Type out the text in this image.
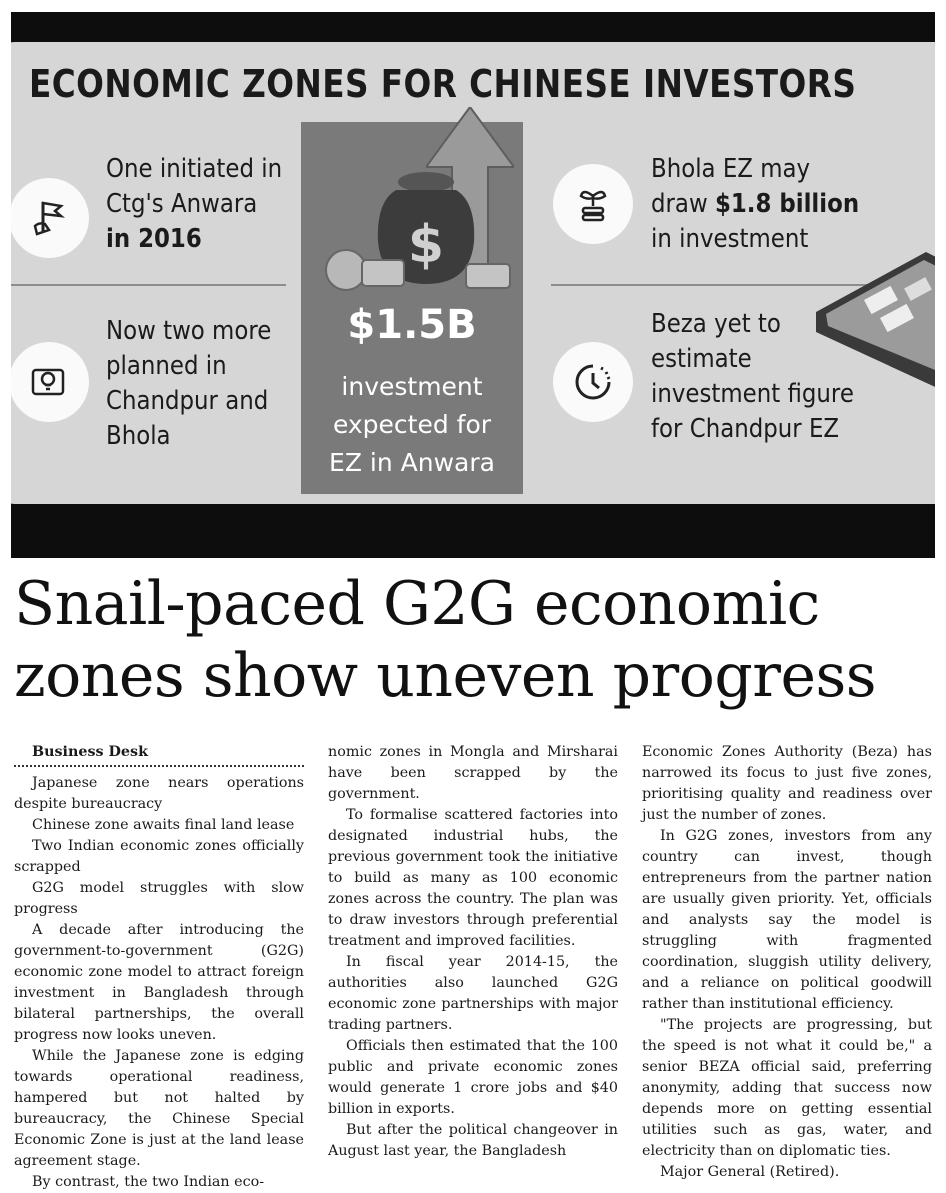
ECONOMIC ZONES FOR CHINESE INVESTORS
One initiated in
Ctg's Anwara
in 2016
Now two more
planned in
Chandpur and
Bhola
$
$1.5B
investment
expected for
EZ in Anwara
Bhola EZ may
draw $1.8 billion
in investment
Beza yet to
estimate
investment figure
for Chandpur EZ
Snail-paced G2G economic
zones show uneven progress

Business Desk

Japanese zone nears operations despite bureaucracy

Chinese zone awaits final land lease

Two Indian economic zones officially scrapped

G2G model struggles with slow progress

A decade after introducing the government-to-government (G2G) economic zone model to attract foreign investment in Bangladesh through bilateral partnerships, the overall progress now looks uneven.

While the Japanese zone is edging towards operational readiness, hampered but not halted by bureaucracy, the Chinese Special Economic Zone is just at the land lease agreement stage.

By contrast, the two Indian eco-

nomic zones in Mongla and Mirsharai have been scrapped by the government.

To formalise scattered factories into designated industrial hubs, the previous government took the initiative to build as many as 100 economic zones across the country. The plan was to draw investors through preferential treatment and improved facilities.

In fiscal year 2014-15, the authorities also launched G2G economic zone partnerships with major trading partners.

Officials then estimated that the 100 public and private economic zones would generate 1 crore jobs and $40 billion in exports.

But after the political changeover in August last year, the Bangladesh

Economic Zones Authority (Beza) has narrowed its focus to just five zones, prioritising quality and readiness over just the number of zones.

In G2G zones, investors from any country can invest, though entrepreneurs from the partner nation are usually given priority. Yet, officials and analysts say the model is struggling with fragmented coordination, sluggish utility delivery, and a reliance on political goodwill rather than institutional efficiency.

"The projects are progressing, but the speed is not what it could be," a senior BEZA official said, preferring anonymity, adding that success now depends more on getting essential utilities such as gas, water, and electricity than on diplomatic ties.

Major General (Retired).
